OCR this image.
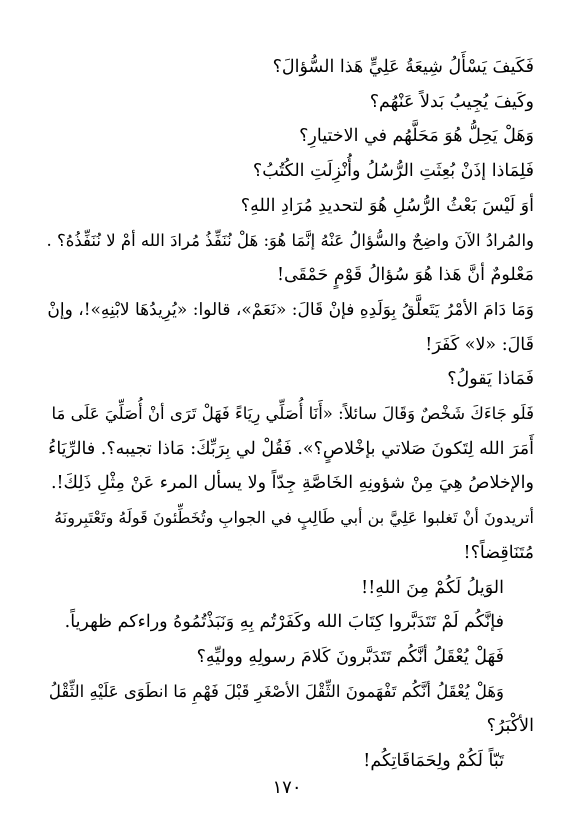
فَكَيفَ يَسْأَلُ شِيعَةُ عَلِيٍّ هَذا السُّؤالَ؟
وكَيفَ يُجِيبُ بَدلاً عَنْهُم؟
وَهَلْ يَحِلُّ هُوَ مَحَلَّهُم في الاختيارِ؟
فَلِمَاذا إذَنْ بُعِثَتِ الرُّسُلُ وأُنْزِلَتِ الكُتُبُ؟
أوَ لَيْسَ بَعْثُ الرُّسُلِ هُوَ لتحديدِ مُرَادِ اللهِ؟
والمُرادُ الآنَ واضِحٌ والسُّؤالُ عَنْهُ إنَّمَا هُوَ: هَلْ نُنَفِّذُ مُرادَ الله أمْ لا نُنَفِّذُهُ؟ .
مَعْلومٌ أنَّ هَذا هُوَ سُؤالُ قَوْمٍ حَمْقَى!
وَمَا دَامَ الأمْرُ يَتَعلَّقُ بِوَلَدِهِ فإنْ قَالَ: «نَعَمْ»، قالوا: «يُرِيدُهَا لابْنِهِ»!، وإنْ
قَالَ: «لا» كَفَرَ!
فَمَاذا يَقولُ؟
فَلَو جَاءَكَ شَخْصٌ وَقَالَ سائلاً: «أَنَا أُصَلِّي رِيَاءً فَهَلْ تَرَى أنْ أُصَلِّيَ عَلَى مَا
أَمَرَ الله لِتَكونَ صَلاتي بإخْلاصٍ؟». فَقُلْ لي بِرَبِّكَ: مَاذا تجيبه؟. فالرِّيَاءُ
والإخلاصُ هِيَ مِنْ شؤونِهِ الخَاصَّةِ جِدّاً ولا يسأل المرء عَنْ مِثْلِ ذَلِكَ!.
أتريدونَ أنْ تَغلبوا عَلِيَّ بن أبي طَالِبٍ في الجوابِ وتُخَطِّئونَ قَولَهُ وتَعْتَبِرونَهُ
مُتَنَاقِضاً؟!
الوَيلُ لَكُمْ مِنَ اللهِ!!
فإنَّكُم لَمْ تَتَدَبَّروا كِتَابَ الله وكَفَرْتُم بِهِ وَنَبَذْتُمُوهُ وراءكم ظهرياً.
فَهَلْ يُعْقَلُ أنَّكُم تَتَدَبَّرونَ كَلامَ رسولِهِ ووليِّهِ؟
وَهَلْ يُعْقَلُ أنَّكُم تَفْهَمونَ الثِّقْلَ الأصْغَرِ قَبْلَ فَهْمِ مَا انطَوَى عَلَيْهِ الثِّقْلُ
الأكْبَرُ؟
تَبّاً لَكُمْ ولِحَمَاقَاتِكُم!
١٧٠
